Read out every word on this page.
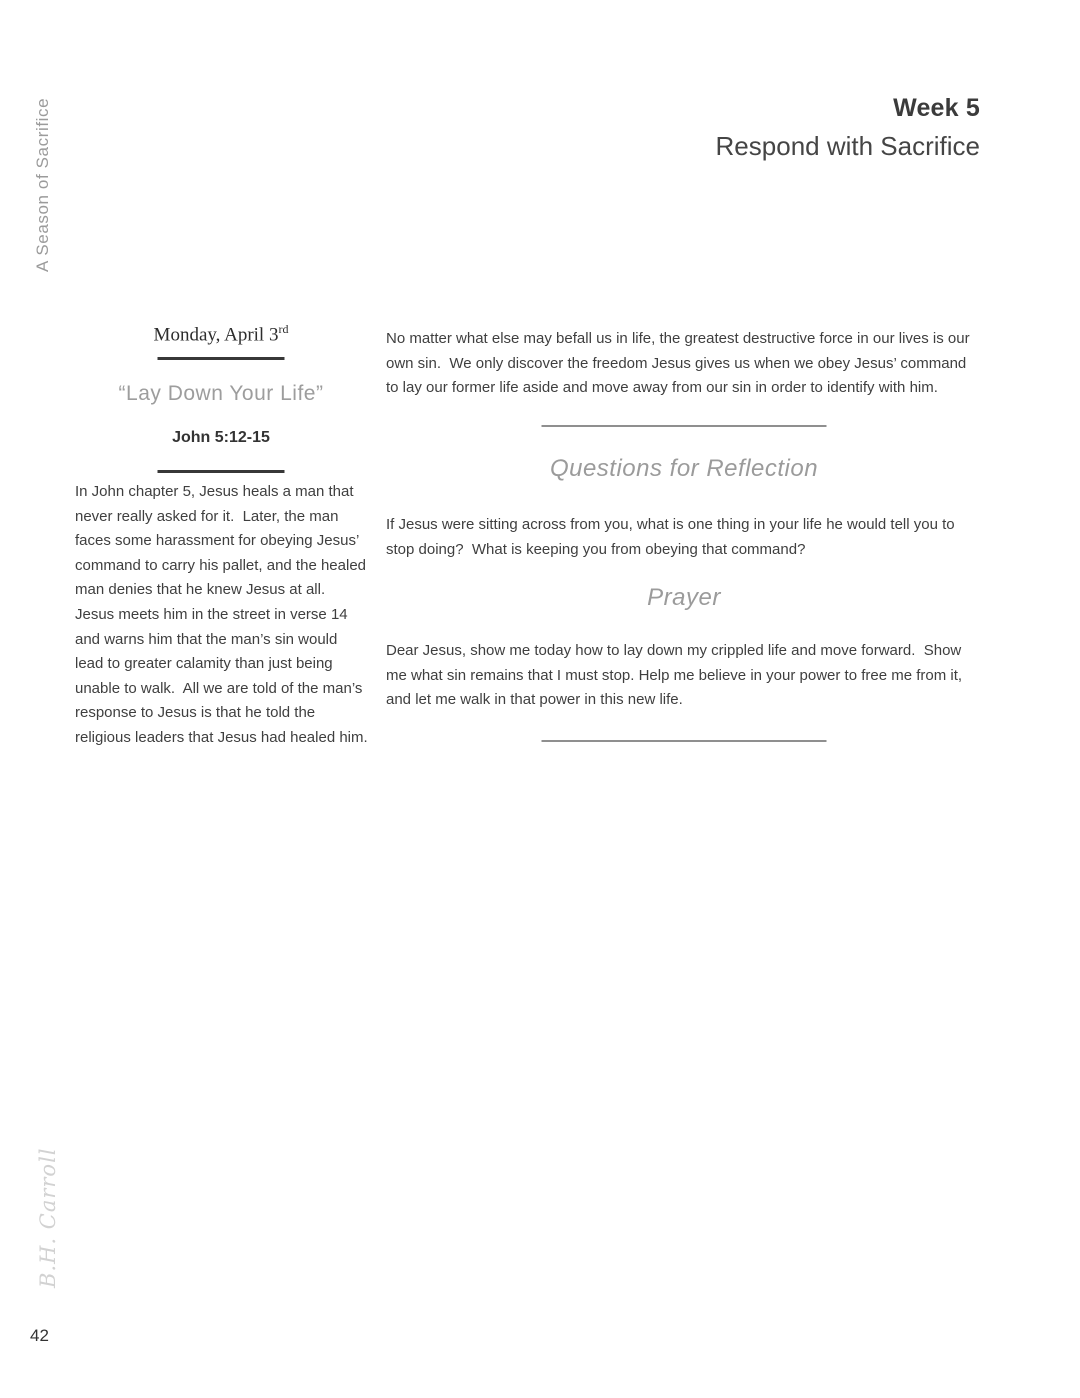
A Season of Sacrifice	Week 5
Respond with Sacrifice
Monday, April 3rd
“Lay Down Your Life”
John 5:12-15
In John chapter 5, Jesus heals a man that never really asked for it.  Later, the man faces some harassment for obeying Jesus’ command to carry his pallet, and the healed man denies that he knew Jesus at all.  Jesus meets him in the street in verse 14 and warns him that the man’s sin would lead to greater calamity than just being unable to walk.  All we are told of the man’s response to Jesus is that he told the religious leaders that Jesus had healed him.
No matter what else may befall us in life, the greatest destructive force in our lives is our own sin.  We only discover the freedom Jesus gives us when we obey Jesus’ command to lay our former life aside and move away from our sin in order to identify with him.
Questions for Reflection
If Jesus were sitting across from you, what is one thing in your life he would tell you to stop doing?  What is keeping you from obeying that command?
Prayer
Dear Jesus, show me today how to lay down my crippled life and move forward.  Show me what sin remains that I must stop. Help me believe in your power to free me from it, and let me walk in that power in this new life.
B.H. Carroll
42
